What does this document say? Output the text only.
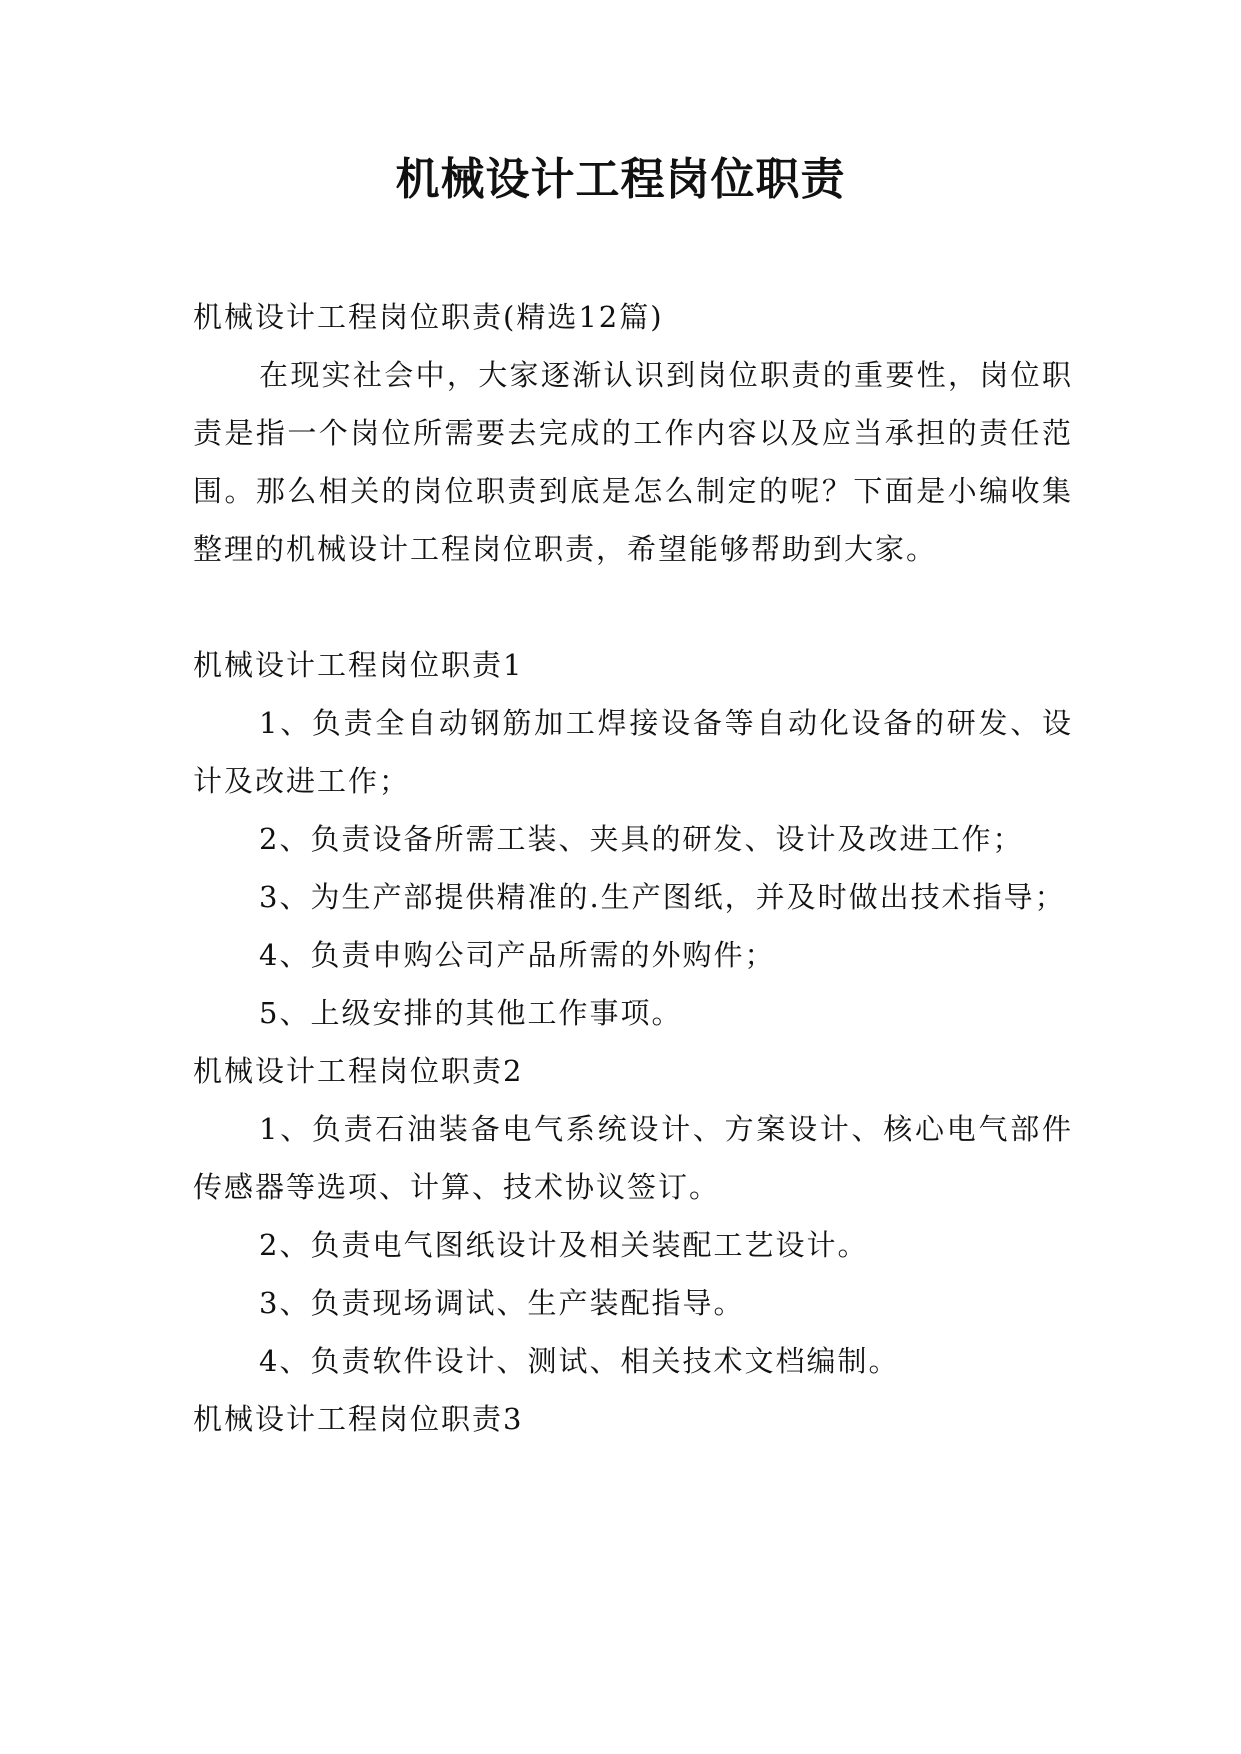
机械设计工程岗位职责

机械设计工程岗位职责(精选12篇)

在现实社会中，大家逐渐认识到岗位职责的重要性，岗位职责是指一个岗位所需要去完成的工作内容以及应当承担的责任范围。那么相关的岗位职责到底是怎么制定的呢？下面是小编收集整理的机械设计工程岗位职责，希望能够帮助到大家。

机械设计工程岗位职责1

1、负责全自动钢筋加工焊接设备等自动化设备的研发、设计及改进工作；

2、负责设备所需工装、夹具的研发、设计及改进工作；

3、为生产部提供精准的.生产图纸，并及时做出技术指导；

4、负责申购公司产品所需的外购件；

5、上级安排的其他工作事项。

机械设计工程岗位职责2

1、负责石油装备电气系统设计、方案设计、核心电气部件传感器等选项、计算、技术协议签订。

2、负责电气图纸设计及相关装配工艺设计。

3、负责现场调试、生产装配指导。

4、负责软件设计、测试、相关技术文档编制。

机械设计工程岗位职责3
